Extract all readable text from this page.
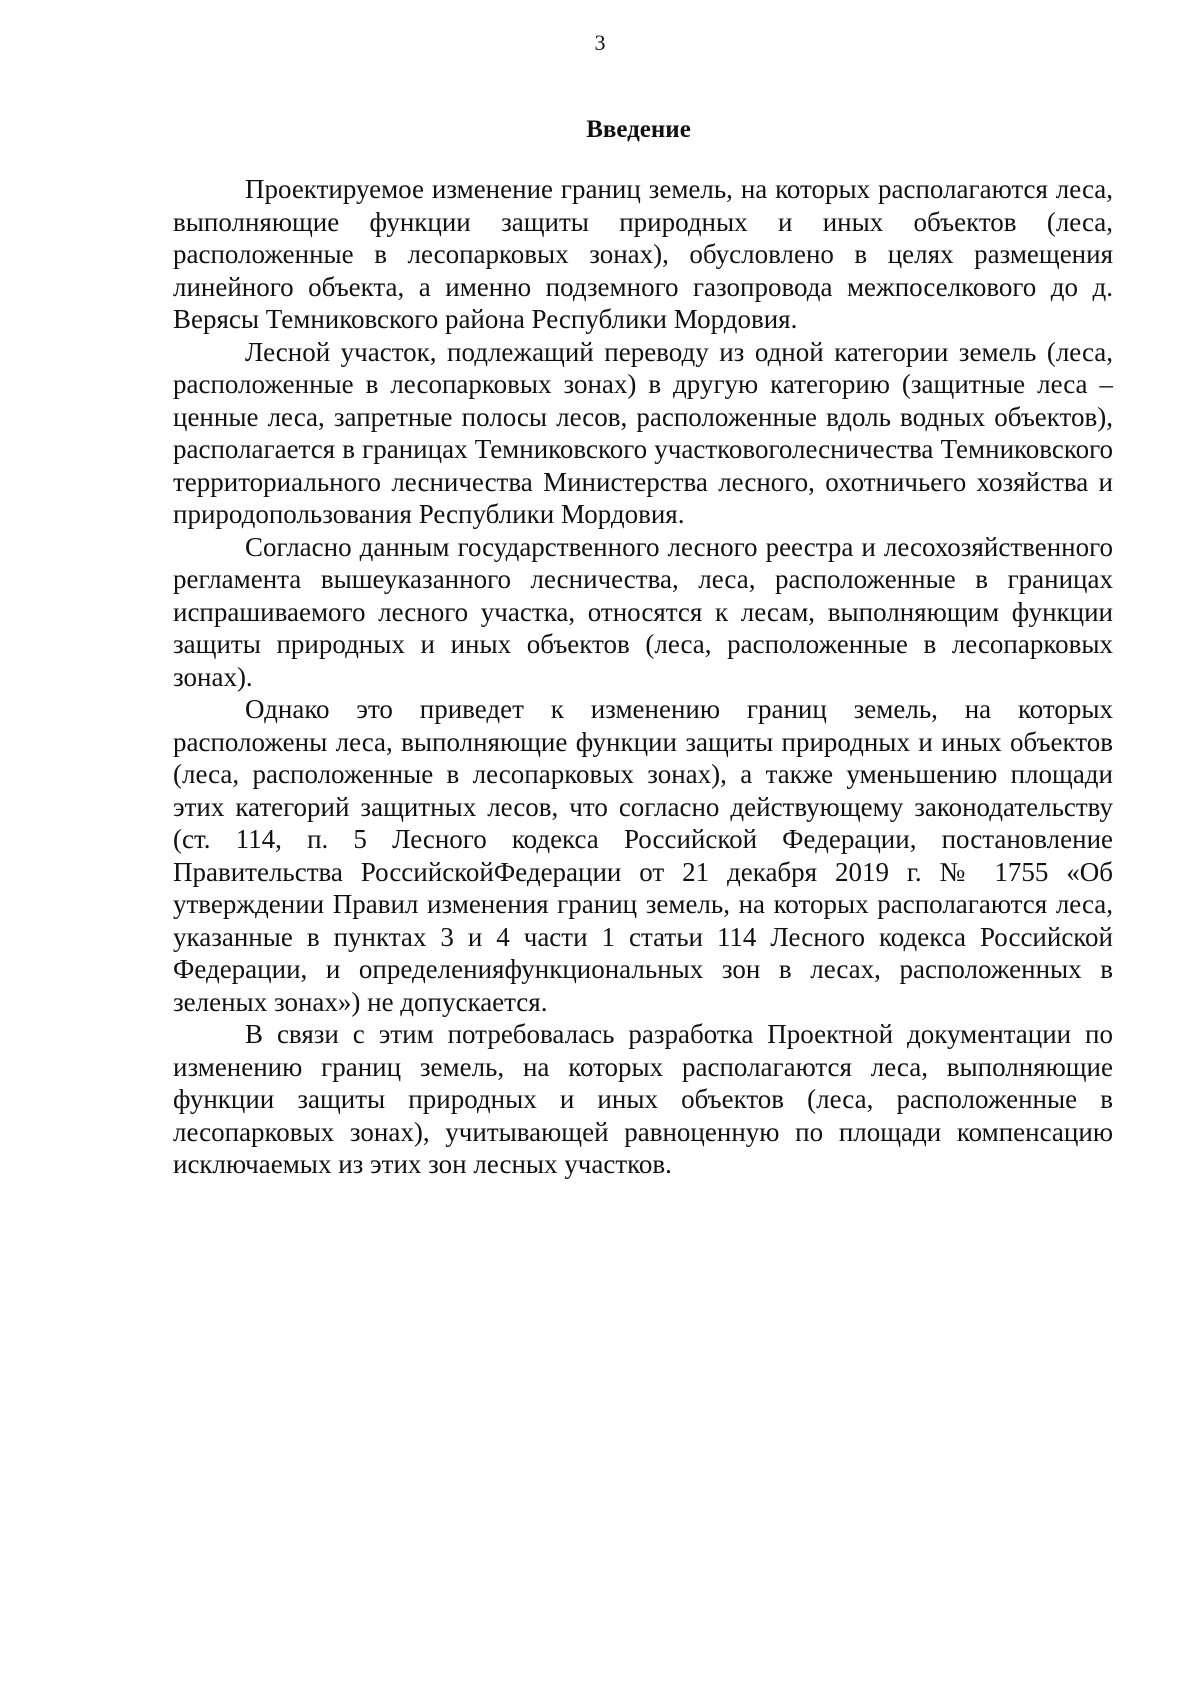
3
Введение

Проектируемое изменение границ земель, на которых располагаются леса, выполняющие функции защиты природных и иных объектов (леса, расположенные в лесопарковых зонах), обусловлено в целях размещения линейного объекта, а именно подземного газопровода межпоселкового до д. Верясы Темниковского района Республики Мордовия.

Лесной участок, подлежащий переводу из одной категории земель (леса, расположенные в лесопарковых зонах) в другую категорию (защитные леса – ценные леса, запретные полосы лесов, расположенные вдоль водных объектов), располагается в границах Темниковского участковоголесничества Темниковского территориального лесничества Министерства лесного, охотничьего хозяйства и природопользования Республики Мордовия.

Согласно данным государственного лесного реестра и лесохозяйственного регламента вышеуказанного лесничества, леса, расположенные в границах испрашиваемого лесного участка, относятся к лесам, выполняющим функции защиты природных и иных объектов (леса, расположенные в лесопарковых зонах).

Однако это приведет к изменению границ земель, на которых расположены леса, выполняющие функции защиты природных и иных объектов (леса, расположенные в лесопарковых зонах), а также уменьшению площади этих категорий защитных лесов, что согласно действующему законодательству (ст. 114, п. 5 Лесного кодекса Российской Федерации, постановление Правительства РоссийскойФедерации от 21 декабря 2019 г. № 1755 «Об утверждении Правил изменения границ земель, на которых располагаются леса, указанные в пунктах 3 и 4 части 1 статьи 114 Лесного кодекса Российской Федерации, и определенияфункциональных зон в лесах, расположенных в зеленых зонах») не допускается.

В связи с этим потребовалась разработка Проектной документации по изменению границ земель, на которых располагаются леса, выполняющие функции защиты природных и иных объектов (леса, расположенные в лесопарковых зонах), учитывающей равноценную по площади компенсацию исключаемых из этих зон лесных участков.
